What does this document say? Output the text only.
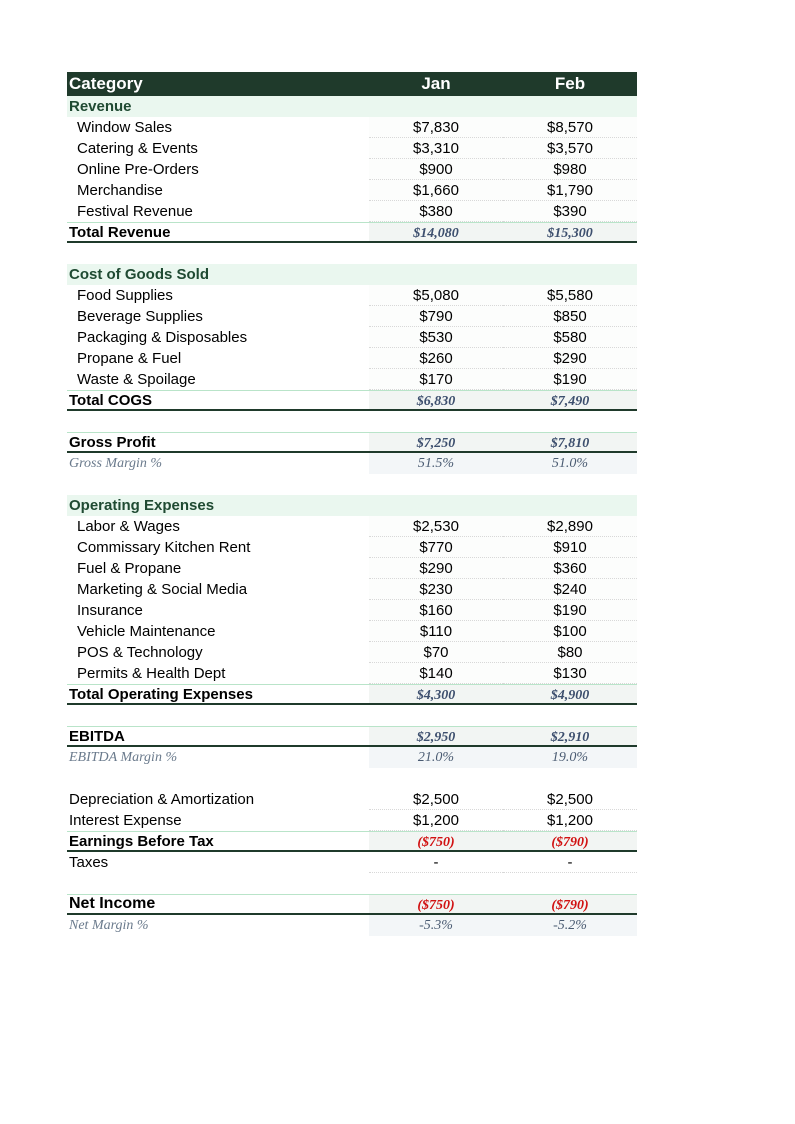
Category	Jan	Feb
Revenue
Window Sales	$7,830	$8,570
Catering & Events	$3,310	$3,570
Online Pre-Orders	$900	$980
Merchandise	$1,660	$1,790
Festival Revenue	$380	$390
Total Revenue	$14,080	$15,300
Cost of Goods Sold
Food Supplies	$5,080	$5,580
Beverage Supplies	$790	$850
Packaging & Disposables	$530	$580
Propane & Fuel	$260	$290
Waste & Spoilage	$170	$190
Total COGS	$6,830	$7,490
Gross Profit	$7,250	$7,810
Gross Margin %	51.5%	51.0%
Operating Expenses
Labor & Wages	$2,530	$2,890
Commissary Kitchen Rent	$770	$910
Fuel & Propane	$290	$360
Marketing & Social Media	$230	$240
Insurance	$160	$190
Vehicle Maintenance	$110	$100
POS & Technology	$70	$80
Permits & Health Dept	$140	$130
Total Operating Expenses	$4,300	$4,900
EBITDA	$2,950	$2,910
EBITDA Margin %	21.0%	19.0%
Depreciation & Amortization	$2,500	$2,500
Interest Expense	$1,200	$1,200
Earnings Before Tax	($750)	($790)
Taxes	-	-
Net Income	($750)	($790)
Net Margin %	-5.3%	-5.2%
